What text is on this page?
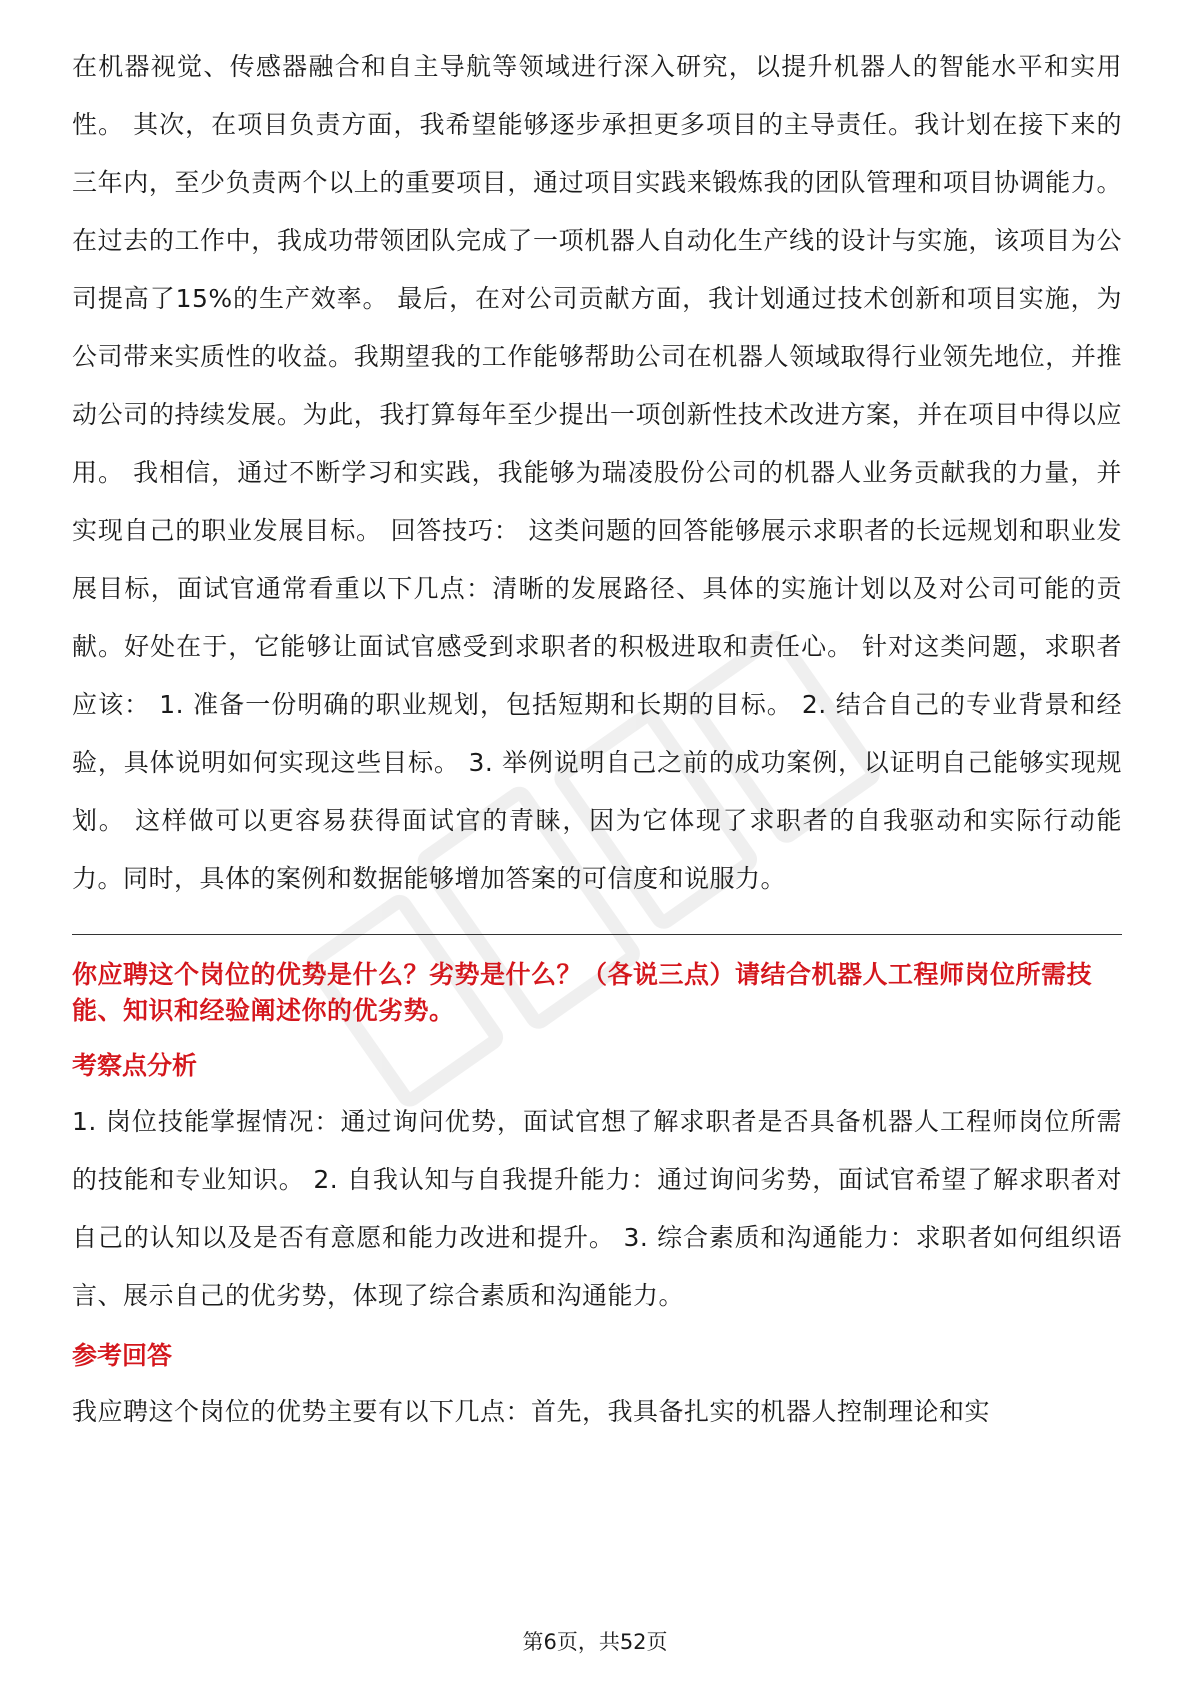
在机器视觉、传感器融合和自主导航等领域进行深入研究，以提升机器人的智能水平和实用性。 其次，在项目负责方面，我希望能够逐步承担更多项目的主导责任。我计划在接下来的三年内，至少负责两个以上的重要项目，通过项目实践来锻炼我的团队管理和项目协调能力。在过去的工作中，我成功带领团队完成了一项机器人自动化生产线的设计与实施，该项目为公司提高了15%的生产效率。 最后，在对公司贡献方面，我计划通过技术创新和项目实施，为公司带来实质性的收益。我期望我的工作能够帮助公司在机器人领域取得行业领先地位，并推动公司的持续发展。为此，我打算每年至少提出一项创新性技术改进方案，并在项目中得以应用。 我相信，通过不断学习和实践，我能够为瑞凌股份公司的机器人业务贡献我的力量，并实现自己的职业发展目标。 回答技巧： 这类问题的回答能够展示求职者的长远规划和职业发展目标，面试官通常看重以下几点：清晰的发展路径、具体的实施计划以及对公司可能的贡献。好处在于，它能够让面试官感受到求职者的积极进取和责任心。 针对这类问题，求职者应该： 1. 准备一份明确的职业规划，包括短期和长期的目标。 2. 结合自己的专业背景和经验，具体说明如何实现这些目标。 3. 举例说明自己之前的成功案例，以证明自己能够实现规划。 这样做可以更容易获得面试官的青睐，因为它体现了求职者的自我驱动和实际行动能力。同时，具体的案例和数据能够增加答案的可信度和说服力。

你应聘这个岗位的优势是什么？劣势是什么？（各说三点）请结合机器人工程师岗位所需技能、知识和经验阐述你的优劣势。

考察点分析

1. 岗位技能掌握情况：通过询问优势，面试官想了解求职者是否具备机器人工程师岗位所需的技能和专业知识。 2. 自我认知与自我提升能力：通过询问劣势，面试官希望了解求职者对自己的认知以及是否有意愿和能力改进和提升。 3. 综合素质和沟通能力：求职者如何组织语言、展示自己的优劣势，体现了综合素质和沟通能力。

参考回答

我应聘这个岗位的优势主要有以下几点：首先，我具备扎实的机器人控制理论和实

第6页，共52页
